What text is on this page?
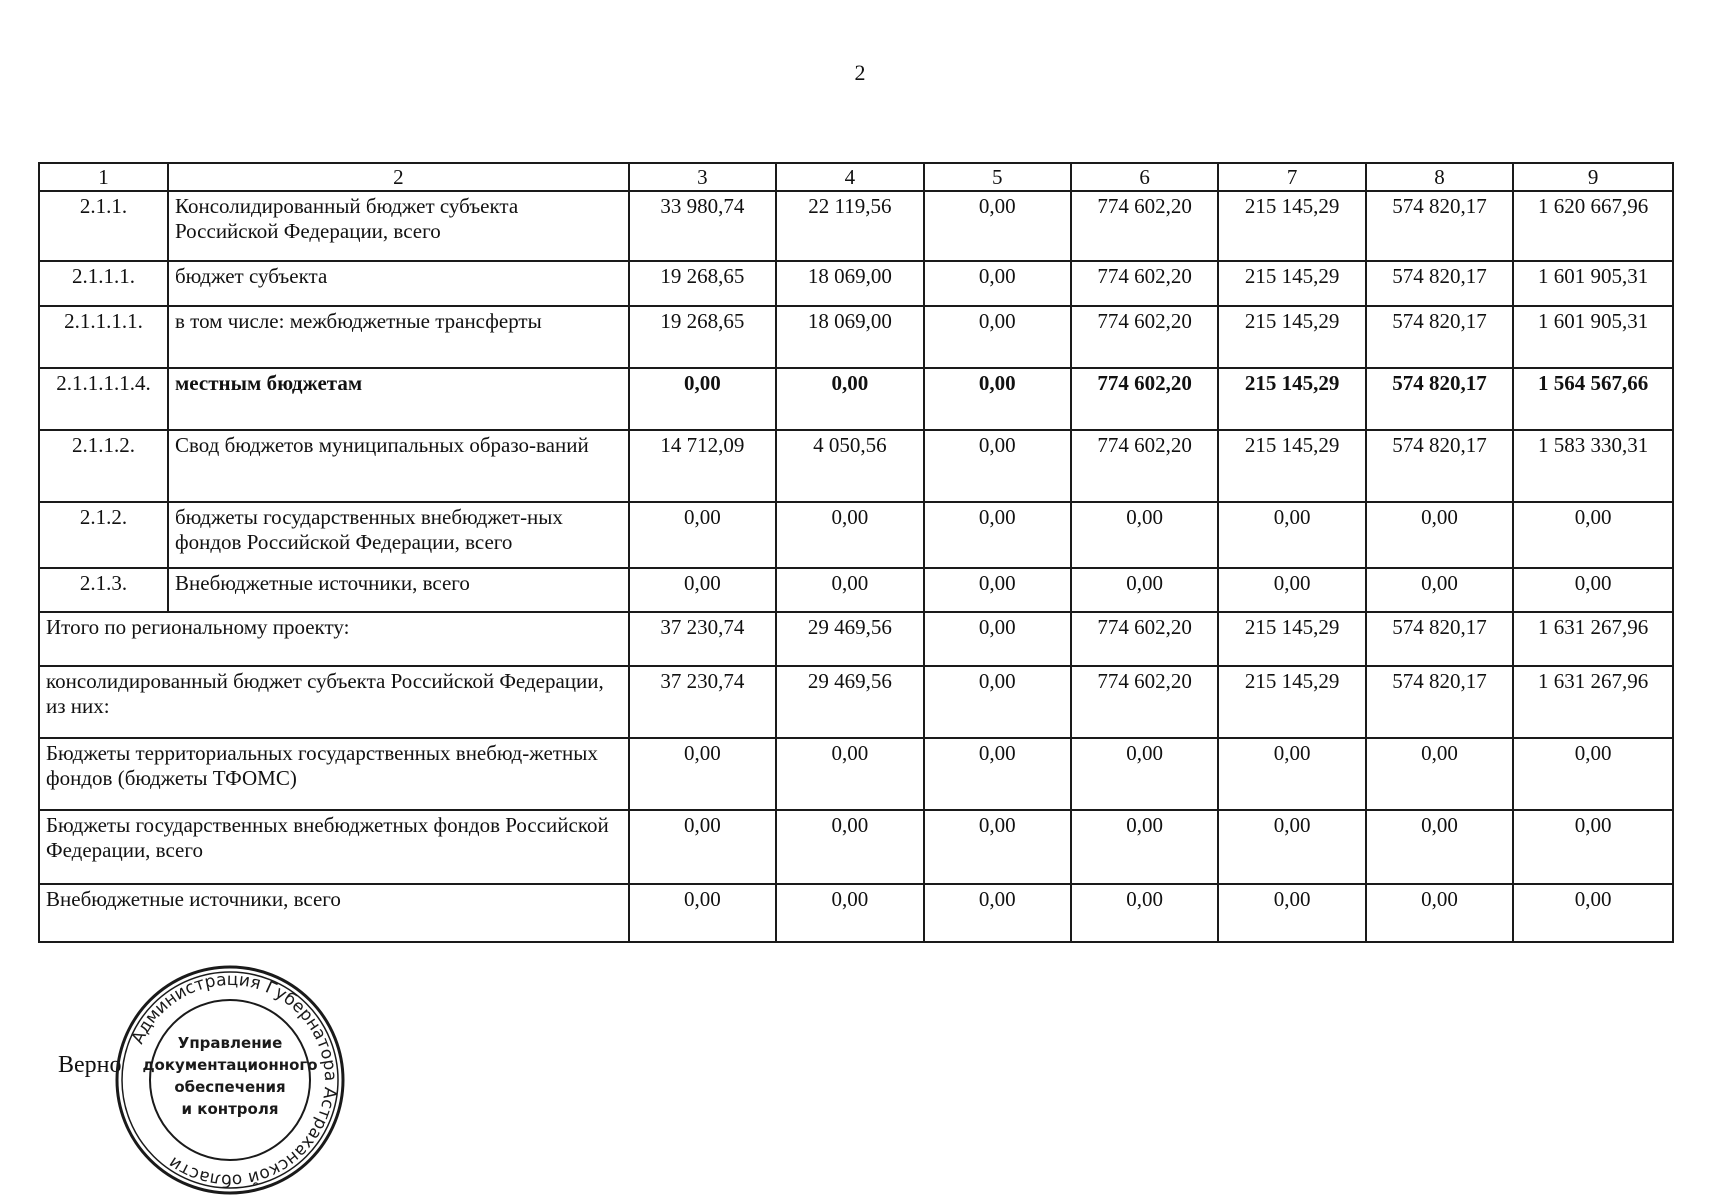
2
1	2	3	4	5	6	7	8	9
2.1.1.	Консолидированный бюджет субъекта Российской Федерации, всего	33 980,74	22 119,56	0,00	774 602,20	215 145,29	574 820,17	1 620 667,96
2.1.1.1.	бюджет субъекта	19 268,65	18 069,00	0,00	774 602,20	215 145,29	574 820,17	1 601 905,31
2.1.1.1.1.	в том числе: межбюджетные трансферты	19 268,65	18 069,00	0,00	774 602,20	215 145,29	574 820,17	1 601 905,31
2.1.1.1.1.4.	местным бюджетам	0,00	0,00	0,00	774 602,20	215 145,29	574 820,17	1 564 567,66
2.1.1.2.	Свод бюджетов муниципальных образо-ваний	14 712,09	4 050,56	0,00	774 602,20	215 145,29	574 820,17	1 583 330,31
2.1.2.	бюджеты государственных внебюджет-ных фондов Российской Федерации, всего	0,00	0,00	0,00	0,00	0,00	0,00	0,00
2.1.3.	Внебюджетные источники, всего	0,00	0,00	0,00	0,00	0,00	0,00	0,00
Итого по региональному проекту:		37 230,74	29 469,56	0,00	774 602,20	215 145,29	574 820,17	1 631 267,96
консолидированный бюджет субъекта Российской Федерации, из них:		37 230,74	29 469,56	0,00	774 602,20	215 145,29	574 820,17	1 631 267,96
Бюджеты территориальных государственных внебюд-жетных фондов (бюджеты ТФОМС)		0,00	0,00	0,00	0,00	0,00	0,00	0,00
Бюджеты государственных внебюджетных фондов Российской Федерации, всего		0,00	0,00	0,00	0,00	0,00	0,00	0,00
Внебюджетные источники, всего		0,00	0,00	0,00	0,00	0,00	0,00	0,00
Верно
Администрация Губернатора Астраханской области
Управление
документационного
обеспечения
и контроля
